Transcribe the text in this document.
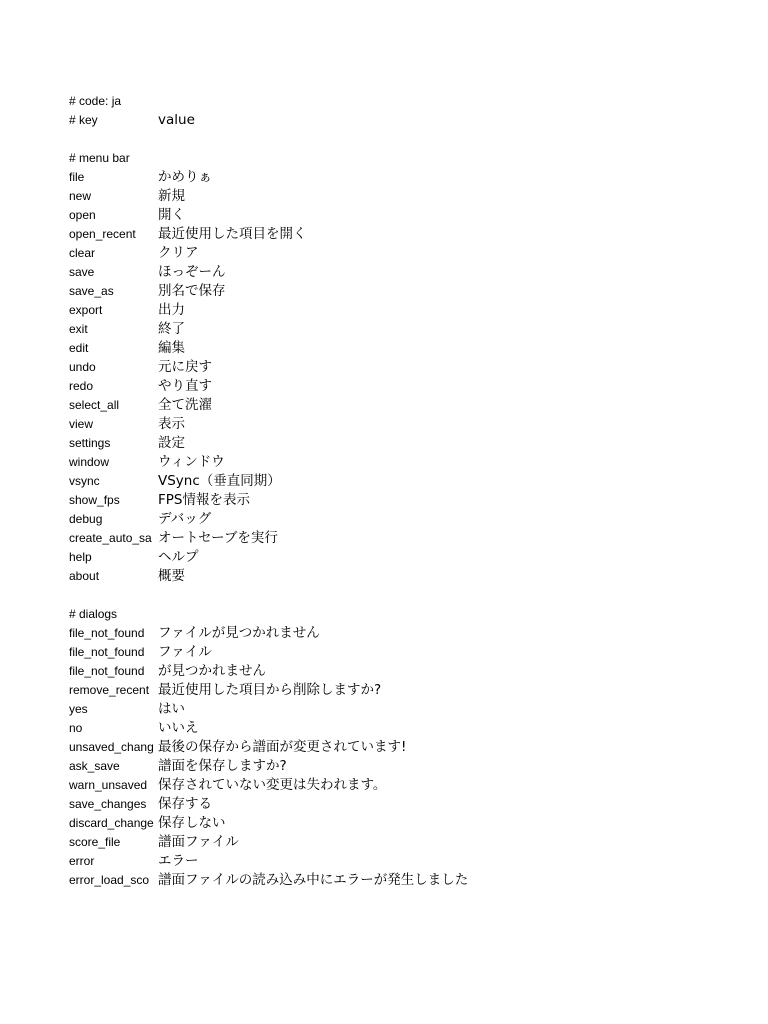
# code: ja
# key	value
# menu bar
file	かめりぁ
new	新規
open	開く
open_recent	最近使用した項目を開く
clear	クリア
save	ほっぞーん
save_as	別名で保存
export	出力
exit	終了
edit	編集
undo	元に戻す
redo	やり直す
select_all	全て洗濯
view	表示
settings	設定
window	ウィンドウ
vsync	VSync（垂直同期）
show_fps	FPS情報を表示
debug	デバッグ
create_auto_sa オートセーブを実行
help	ヘルプ
about	概要
# dialogs
file_not_found	ファイルが見つかれません
file_not_found	ファイル
file_not_found	が見つかれません
remove_recent 最近使用した項目から削除しますか?
yes	はい
no	いいえ
unsaved_chang 最後の保存から譜面が変更されています!
ask_save	譜面を保存しますか?
warn_unsaved 保存されていない変更は失われます。
save_changes 保存する
discard_change 保存しない
score_file	譜面ファイル
error	エラー
error_load_sco 譜面ファイルの読み込み中にエラーが発生しました
